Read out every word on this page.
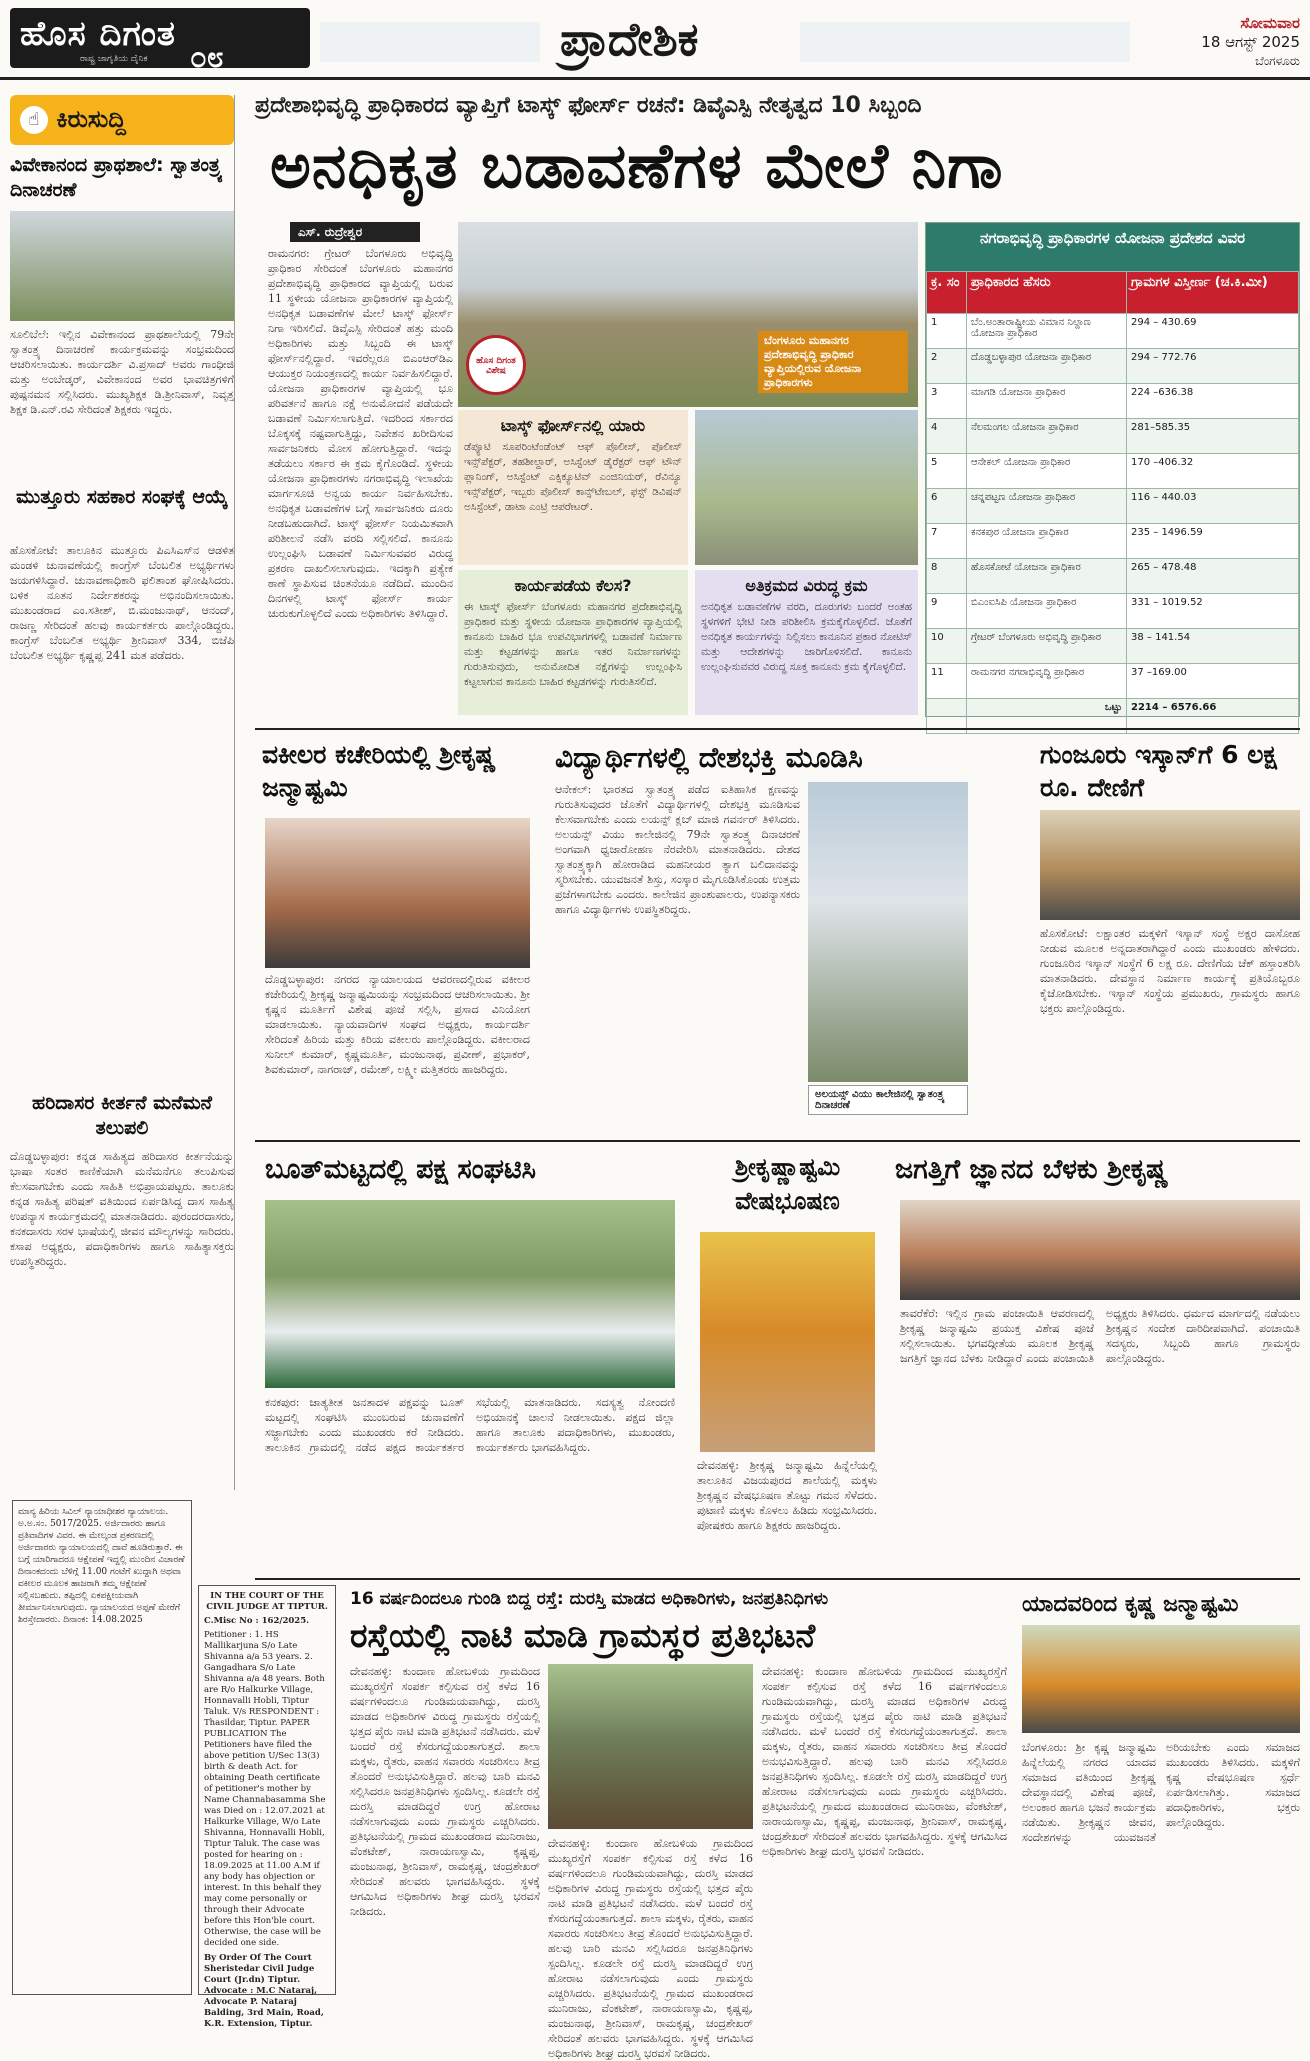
ಹೊಸ ದಿಗಂತ
ರಾಷ್ಟ್ರ ಜಾಗೃತಿಯ ದೈನಿಕ	೦೮	ಪ್ರಾದೇಶಿಕ	ಸೋಮವಾರ
18 ಆಗಸ್ಟ್ 2025
ಬೆಂಗಳೂರು
☝ ಕಿರುಸುದ್ದಿ
ವಿವೇಕಾನಂದ ಪ್ರಾಥಶಾಲೆ: ಸ್ವಾತಂತ್ರ್ಯ ದಿನಾಚರಣೆ
ಸೂಲಿಬೆಲೆ: ಇಲ್ಲಿನ ವಿವೇಕಾನಂದ ಪ್ರಾಥಶಾಲೆಯಲ್ಲಿ 79ನೇ ಸ್ವಾತಂತ್ರ್ಯ ದಿನಾಚರಣೆ ಕಾರ್ಯಕ್ರಮವನ್ನು ಸಂಭ್ರಮದಿಂದ ಆಚರಿಸಲಾಯಿತು. ಕಾರ್ಯದರ್ಶಿ ವಿ.ಪ್ರಸಾದ್ ಅವರು ಗಾಂಧೀಜಿ ಮತ್ತು ಅಂಬೇಡ್ಕರ್, ವಿವೇಕಾನಂದ ಅವರ ಭಾವಚಿತ್ರಗಳಿಗೆ ಪುಷ್ಪನಮನ ಸಲ್ಲಿಸಿದರು. ಮುಖ್ಯಶಿಕ್ಷಕ ಡಿ.ಶ್ರೀನಿವಾಸ್, ನಿವೃತ್ತ ಶಿಕ್ಷಕ ಡಿ.ಎನ್.ರವಿ ಸೇರಿದಂತೆ ಶಿಕ್ಷಕರು ಇದ್ದರು.
ಮುತ್ತೂರು ಸಹಕಾರ ಸಂಘಕ್ಕೆ ಆಯ್ಕೆ
ಹೊಸಕೋಟೆ: ತಾಲೂಕಿನ ಮುತ್ತೂರು ಪಿಎಸಿಎಸ್‌ನ ಆಡಳಿತ ಮಂಡಳಿ ಚುನಾವಣೆಯಲ್ಲಿ ಕಾಂಗ್ರೆಸ್ ಬೆಂಬಲಿತ ಅಭ್ಯರ್ಥಿಗಳು ಜಯಗಳಿಸಿದ್ದಾರೆ. ಚುನಾವಣಾಧಿಕಾರಿ ಫಲಿತಾಂಶ ಘೋಷಿಸಿದರು. ಬಳಿಕ ನೂತನ ನಿರ್ದೇಶಕರನ್ನು ಅಭಿನಂದಿಸಲಾಯಿತು. ಮುಖಂಡರಾದ ಎಂ.ಸತೀಶ್, ಬಿ.ಮಂಜುನಾಥ್, ಆನಂದ್, ರಾಜಣ್ಣ ಸೇರಿದಂತೆ ಹಲವು ಕಾರ್ಯಕರ್ತರು ಪಾಲ್ಗೊಂಡಿದ್ದರು. ಕಾಂಗ್ರೆಸ್ ಬೆಂಬಲಿತ ಅಭ್ಯರ್ಥಿ ಶ್ರೀನಿವಾಸ್ 334, ಬಿಜೆಪಿ ಬೆಂಬಲಿತ ಅಭ್ಯರ್ಥಿ ಕೃಷ್ಣಪ್ಪ 241 ಮತ ಪಡೆದರು.
ಹರಿದಾಸರ ಕೀರ್ತನೆ ಮನೆಮನೆ ತಲುಪಲಿ
ದೊಡ್ಡಬಳ್ಳಾಪುರ: ಕನ್ನಡ ಸಾಹಿತ್ಯದ ಹರಿದಾಸರ ಕೀರ್ತನೆಯನ್ನು ಭಾಷಾ ಸಂತರ ಕಾಣಿಕೆಯಾಗಿ ಮನೆಮನೆಗೂ ತಲುಪಿಸುವ ಕೆಲಸವಾಗಬೇಕು ಎಂದು ಸಾಹಿತಿ ಅಭಿಪ್ರಾಯಪಟ್ಟರು. ತಾಲೂಕು ಕನ್ನಡ ಸಾಹಿತ್ಯ ಪರಿಷತ್ ವತಿಯಿಂದ ಏರ್ಪಡಿಸಿದ್ದ ದಾಸ ಸಾಹಿತ್ಯ ಉಪನ್ಯಾಸ ಕಾರ್ಯಕ್ರಮದಲ್ಲಿ ಮಾತನಾಡಿದರು. ಪುರಂದರದಾಸರು, ಕನಕದಾಸರು ಸರಳ ಭಾಷೆಯಲ್ಲಿ ಜೀವನ ಮೌಲ್ಯಗಳನ್ನು ಸಾರಿದರು. ಕಸಾಪ ಅಧ್ಯಕ್ಷರು, ಪದಾಧಿಕಾರಿಗಳು ಹಾಗೂ ಸಾಹಿತ್ಯಾಸಕ್ತರು ಉಪಸ್ಥಿತರಿದ್ದರು.
ಪ್ರದೇಶಾಭಿವೃದ್ಧಿ ಪ್ರಾಧಿಕಾರದ ವ್ಯಾಪ್ತಿಗೆ ಟಾಸ್ಕ್ ಫೋರ್ಸ್ ರಚನೆ: ಡಿವೈಎಸ್ಪಿ ನೇತೃತ್ವದ 10 ಸಿಬ್ಬಂದಿ
ಅನಧಿಕೃತ ಬಡಾವಣೆಗಳ ಮೇಲೆ ನಿಗಾ
ಎಸ್. ರುದ್ರೇಶ್ವರ
ರಾಮನಗರ: ಗ್ರೇಟರ್ ಬೆಂಗಳೂರು ಅಭಿವೃದ್ಧಿ ಪ್ರಾಧಿಕಾರ ಸೇರಿದಂತೆ ಬೆಂಗಳೂರು ಮಹಾನಗರ ಪ್ರದೇಶಾಭಿವೃದ್ಧಿ ಪ್ರಾಧಿಕಾರದ ವ್ಯಾಪ್ತಿಯಲ್ಲಿ ಬರುವ 11 ಸ್ಥಳೀಯ ಯೋಜನಾ ಪ್ರಾಧಿಕಾರಗಳ ವ್ಯಾಪ್ತಿಯಲ್ಲಿ ಅನಧಿಕೃತ ಬಡಾವಣೆಗಳ ಮೇಲೆ ಟಾಸ್ಕ್ ಫೋರ್ಸ್ ನಿಗಾ ಇರಿಸಲಿದೆ. ಡಿವೈಎಸ್ಪಿ ಸೇರಿದಂತೆ ಹತ್ತು ಮಂದಿ ಅಧಿಕಾರಿಗಳು ಮತ್ತು ಸಿಬ್ಬಂದಿ ಈ ಟಾಸ್ಕ್ ಫೋರ್ಸ್‌ನಲ್ಲಿದ್ದಾರೆ. ಇವರೆಲ್ಲರೂ ಬಿಎಂಆರ್‌ಡಿಎ ಆಯುಕ್ತರ ನಿಯಂತ್ರಣದಲ್ಲಿ ಕಾರ್ಯ ನಿರ್ವಹಿಸಲಿದ್ದಾರೆ. ಯೋಜನಾ ಪ್ರಾಧಿಕಾರಗಳ ವ್ಯಾಪ್ತಿಯಲ್ಲಿ ಭೂ ಪರಿವರ್ತನೆ ಹಾಗೂ ನಕ್ಷೆ ಅನುಮೋದನೆ ಪಡೆಯದೇ ಬಡಾವಣೆ ನಿರ್ಮಿಸಲಾಗುತ್ತಿದೆ. ಇದರಿಂದ ಸರ್ಕಾರದ ಬೊಕ್ಕಸಕ್ಕೆ ನಷ್ಟವಾಗುತ್ತಿದ್ದು, ನಿವೇಶನ ಖರೀದಿಸುವ ಸಾರ್ವಜನಿಕರು ಮೋಸ ಹೋಗುತ್ತಿದ್ದಾರೆ. ಇದನ್ನು ತಡೆಯಲು ಸರ್ಕಾರ ಈ ಕ್ರಮ ಕೈಗೊಂಡಿದೆ. ಸ್ಥಳೀಯ ಯೋಜನಾ ಪ್ರಾಧಿಕಾರಗಳು ನಗರಾಭಿವೃದ್ಧಿ ಇಲಾಖೆಯ ಮಾರ್ಗಸೂಚಿ ಅನ್ವಯ ಕಾರ್ಯ ನಿರ್ವಹಿಸಬೇಕು. ಅನಧಿಕೃತ ಬಡಾವಣೆಗಳ ಬಗ್ಗೆ ಸಾರ್ವಜನಿಕರು ದೂರು ನೀಡಬಹುದಾಗಿದೆ. ಟಾಸ್ಕ್ ಫೋರ್ಸ್ ನಿಯಮಿತವಾಗಿ ಪರಿಶೀಲನೆ ನಡೆಸಿ ವರದಿ ಸಲ್ಲಿಸಲಿದೆ. ಕಾನೂನು ಉಲ್ಲಂಘಿಸಿ ಬಡಾವಣೆ ನಿರ್ಮಿಸುವವರ ವಿರುದ್ಧ ಪ್ರಕರಣ ದಾಖಲಿಸಲಾಗುವುದು. ಇದಕ್ಕಾಗಿ ಪ್ರತ್ಯೇಕ ಠಾಣೆ ಸ್ಥಾಪಿಸುವ ಚಿಂತನೆಯೂ ನಡೆದಿದೆ. ಮುಂದಿನ ದಿನಗಳಲ್ಲಿ ಟಾಸ್ಕ್ ಫೋರ್ಸ್ ಕಾರ್ಯ ಚುರುಕುಗೊಳ್ಳಲಿದೆ ಎಂದು ಅಧಿಕಾರಿಗಳು ತಿಳಿಸಿದ್ದಾರೆ.
ಬೆಂಗಳೂರು ಮಹಾನಗರ ಪ್ರದೇಶಾಭಿವೃದ್ಧಿ ಪ್ರಾಧಿಕಾರ ವ್ಯಾಪ್ತಿಯಲ್ಲಿರುವ ಯೋಜನಾ ಪ್ರಾಧಿಕಾರಗಳು
ಹೊಸ ದಿಗಂತ ವಿಶೇಷ
ಟಾಸ್ಕ್ ಫೋರ್ಸ್‌ನಲ್ಲಿ ಯಾರು
ಡೆಪ್ಯೂಟಿ ಸೂಪರಿಂಟೆಂಡೆಂಟ್ ಆಫ್ ಪೊಲೀಸ್, ಪೊಲೀಸ್ ಇನ್ಸ್‌ಪೆಕ್ಟರ್, ತಹಶೀಲ್ದಾರ್, ಅಸಿಸ್ಟೆಂಟ್ ಡೈರೆಕ್ಟರ್ ಆಫ್ ಟೌನ್ ಪ್ಲಾನಿಂಗ್, ಅಸಿಸ್ಟೆಂಟ್ ಎಕ್ಸಿಕ್ಯೂಟಿವ್ ಎಂಜಿನಿಯರ್, ರೆವಿನ್ಯೂ ಇನ್ಸ್‌ಪೆಕ್ಟರ್, ಇಬ್ಬರು ಪೊಲೀಸ್ ಕಾನ್ಸ್‌ಟೇಬಲ್, ಫಸ್ಟ್ ಡಿವಿಷನ್ ಅಸಿಸ್ಟೆಂಟ್, ಡಾಟಾ ಎಂಟ್ರಿ ಆಪರೇಟರ್.
ಕಾರ್ಯಪಡೆಯ ಕೆಲಸ?
ಈ ಟಾಸ್ಕ್ ಫೋರ್ಸ್ ಬೆಂಗಳೂರು ಮಹಾನಗರ ಪ್ರದೇಶಾಭಿವೃದ್ಧಿ ಪ್ರಾಧಿಕಾರ ಮತ್ತು ಸ್ಥಳೀಯ ಯೋಜನಾ ಪ್ರಾಧಿಕಾರಗಳ ವ್ಯಾಪ್ತಿಯಲ್ಲಿ ಕಾನೂನು ಬಾಹಿರ ಭೂ ಉಪವಿಭಾಗಗಳಲ್ಲಿ ಬಡಾವಣೆ ನಿರ್ಮಾಣ ಮತ್ತು ಕಟ್ಟಡಗಳನ್ನು ಹಾಗೂ ಇತರ ನಿರ್ಮಾಣಗಳನ್ನು ಗುರುತಿಸುವುದು, ಅನುಮೋದಿತ ನಕ್ಷೆಗಳನ್ನು ಉಲ್ಲಂಘಿಸಿ ಕಟ್ಟಲಾಗುವ ಕಾನೂನು ಬಾಹಿರ ಕಟ್ಟಡಗಳನ್ನು ಗುರುತಿಸಲಿದೆ.
ಅತಿಕ್ರಮದ ವಿರುದ್ಧ ಕ್ರಮ
ಅನಧಿಕೃತ ಬಡಾವಣೆಗಳ ವರದಿ, ದೂರುಗಳು ಬಂದರೆ ಅಂತಹ ಸ್ಥಳಗಳಿಗೆ ಭೇಟಿ ನೀಡಿ ಪರಿಶೀಲಿಸಿ ಕ್ರಮಕೈಗೊಳ್ಳಲಿದೆ. ಜೊತೆಗೆ ಅನಧಿಕೃತ ಕಾರ್ಯಗಳನ್ನು ನಿಲ್ಲಿಸಲು ಕಾನೂನಿನ ಪ್ರಕಾರ ನೋಟಿಸ್ ಮತ್ತು ಆದೇಶಗಳನ್ನು ಜಾರಿಗೊಳಿಸಲಿದೆ. ಕಾನೂನು ಉಲ್ಲಂಘಿಸುವವರ ವಿರುದ್ಧ ಸೂಕ್ತ ಕಾನೂನು ಕ್ರಮ ಕೈಗೊಳ್ಳಲಿದೆ.
ನಗರಾಭಿವೃದ್ಧಿ ಪ್ರಾಧಿಕಾರಗಳ ಯೋಜನಾ ಪ್ರದೇಶದ ವಿವರ
ಕ್ರ. ಸಂ	ಪ್ರಾಧಿಕಾರದ ಹೆಸರು	ಗ್ರಾಮಗಳ ವಿಸ್ತೀರ್ಣ (ಚ.ಕಿ.ಮೀ)
1	ಬೆಂ.ಅಂತಾರಾಷ್ಟ್ರೀಯ ವಿಮಾನ ನಿಲ್ದಾಣ ಯೋಜನಾ ಪ್ರಾಧಿಕಾರ	294 – 430.69
2	ದೊಡ್ಡಬಳ್ಳಾಪುರ ಯೋಜನಾ ಪ್ರಾಧಿಕಾರ	294 – 772.76
3	ಮಾಗಡಿ ಯೋಜನಾ ಪ್ರಾಧಿಕಾರ	224 –636.38
4	ನೆಲಮಂಗಲ ಯೋಜನಾ ಪ್ರಾಧಿಕಾರ	281–585.35
5	ಆನೇಕಲ್ ಯೋಜನಾ ಪ್ರಾಧಿಕಾರ	170 –406.32
6	ಚನ್ನಪಟ್ಟಣ ಯೋಜನಾ ಪ್ರಾಧಿಕಾರ	116 – 440.03
7	ಕನಕಪುರ ಯೋಜನಾ ಪ್ರಾಧಿಕಾರ	235 – 1496.59
8	ಹೊಸಕೋಟೆ ಯೋಜನಾ ಪ್ರಾಧಿಕಾರ	265 – 478.48
9	ಬಿಎಂಐಸಿಪಿ ಯೋಜನಾ ಪ್ರಾಧಿಕಾರ	331 – 1019.52
10	ಗ್ರೇಟರ್ ಬೆಂಗಳೂರು ಅಭಿವೃದ್ಧಿ ಪ್ರಾಧಿಕಾರ	38 – 141.54
11	ರಾಮನಗರ ನಗರಾಭಿವೃದ್ಧಿ ಪ್ರಾಧಿಕಾರ	37 –169.00
	ಒಟ್ಟು	2214 – 6576.66
ವಕೀಲರ ಕಚೇರಿಯಲ್ಲಿ ಶ್ರೀಕೃಷ್ಣ ಜನ್ಮಾಷ್ಟಮಿ
ದೊಡ್ಡಬಳ್ಳಾಪುರ: ನಗರದ ನ್ಯಾಯಾಲಯದ ಆವರಣದಲ್ಲಿರುವ ವಕೀಲರ ಕಚೇರಿಯಲ್ಲಿ ಶ್ರೀಕೃಷ್ಣ ಜನ್ಮಾಷ್ಟಮಿಯನ್ನು ಸಂಭ್ರಮದಿಂದ ಆಚರಿಸಲಾಯಿತು. ಶ್ರೀ ಕೃಷ್ಣನ ಮೂರ್ತಿಗೆ ವಿಶೇಷ ಪೂಜೆ ಸಲ್ಲಿಸಿ, ಪ್ರಸಾದ ವಿನಿಯೋಗ ಮಾಡಲಾಯಿತು. ನ್ಯಾಯವಾದಿಗಳ ಸಂಘದ ಅಧ್ಯಕ್ಷರು, ಕಾರ್ಯದರ್ಶಿ ಸೇರಿದಂತೆ ಹಿರಿಯ ಮತ್ತು ಕಿರಿಯ ವಕೀಲರು ಪಾಲ್ಗೊಂಡಿದ್ದರು. ವಕೀಲರಾದ ಸುನೀಲ್ ಕುಮಾರ್, ಕೃಷ್ಣಮೂರ್ತಿ, ಮಂಜುನಾಥ, ಪ್ರವೀಣ್, ಪ್ರಭಾಕರ್, ಶಿವಕುಮಾರ್, ನಾಗರಾಜ್, ರಮೇಶ್, ಲಕ್ಷ್ಮೀ ಮತ್ತಿತರರು ಹಾಜರಿದ್ದರು.
ವಿದ್ಯಾರ್ಥಿಗಳಲ್ಲಿ ದೇಶಭಕ್ತಿ ಮೂಡಿಸಿ
ಆನೇಕಲ್: ಭಾರತದ ಸ್ವಾತಂತ್ರ್ಯ ಪಡೆದ ಐತಿಹಾಸಿಕ ಕ್ಷಣವನ್ನು ಗುರುತಿಸುವುದರ ಜೊತೆಗೆ ವಿದ್ಯಾರ್ಥಿಗಳಲ್ಲಿ ದೇಶಭಕ್ತಿ ಮೂಡಿಸುವ ಕೆಲಸವಾಗಬೇಕು ಎಂದು ಲಯನ್ಸ್ ಕ್ಲಬ್ ಮಾಜಿ ಗವರ್ನರ್ ತಿಳಿಸಿದರು. ಅಲಯನ್ಸ್ ವಿಯು ಕಾಲೇಜಿನಲ್ಲಿ 79ನೇ ಸ್ವಾತಂತ್ರ್ಯ ದಿನಾಚರಣೆ ಅಂಗವಾಗಿ ಧ್ವಜಾರೋಹಣ ನೆರವೇರಿಸಿ ಮಾತನಾಡಿದರು. ದೇಶದ ಸ್ವಾತಂತ್ರ್ಯಕ್ಕಾಗಿ ಹೋರಾಡಿದ ಮಹನೀಯರ ತ್ಯಾಗ ಬಲಿದಾನವನ್ನು ಸ್ಮರಿಸಬೇಕು. ಯುವಜನತೆ ಶಿಸ್ತು, ಸಂಸ್ಕಾರ ಮೈಗೂಡಿಸಿಕೊಂಡು ಉತ್ತಮ ಪ್ರಜೆಗಳಾಗಬೇಕು ಎಂದರು. ಕಾಲೇಜಿನ ಪ್ರಾಂಶುಪಾಲರು, ಉಪನ್ಯಾಸಕರು ಹಾಗೂ ವಿದ್ಯಾರ್ಥಿಗಳು ಉಪಸ್ಥಿತರಿದ್ದರು.
ಅಲಯನ್ಸ್ ವಿಯು ಕಾಲೇಜಿನಲ್ಲಿ ಸ್ವಾತಂತ್ರ್ಯ ದಿನಾಚರಣೆ
ಗುಂಜೂರು ಇಸ್ಕಾನ್‌ಗೆ 6 ಲಕ್ಷ ರೂ. ದೇಣಿಗೆ
ಹೊಸಕೋಟೆ: ಲಕ್ಷಾಂತರ ಮಕ್ಕಳಿಗೆ ಇಸ್ಕಾನ್ ಸಂಸ್ಥೆ ಅಕ್ಷರ ದಾಸೋಹ ನೀಡುವ ಮೂಲಕ ಅನ್ನದಾತರಾಗಿದ್ದಾರೆ ಎಂದು ಮುಖಂಡರು ಹೇಳಿದರು. ಗುಂಜೂರಿನ ಇಸ್ಕಾನ್ ಸಂಸ್ಥೆಗೆ 6 ಲಕ್ಷ ರೂ. ದೇಣಿಗೆಯ ಚೆಕ್ ಹಸ್ತಾಂತರಿಸಿ ಮಾತನಾಡಿದರು. ದೇವಸ್ಥಾನ ನಿರ್ಮಾಣ ಕಾರ್ಯಕ್ಕೆ ಪ್ರತಿಯೊಬ್ಬರೂ ಕೈಜೋಡಿಸಬೇಕು. ಇಸ್ಕಾನ್ ಸಂಸ್ಥೆಯ ಪ್ರಮುಖರು, ಗ್ರಾಮಸ್ಥರು ಹಾಗೂ ಭಕ್ತರು ಪಾಲ್ಗೊಂಡಿದ್ದರು.
ಬೂತ್‌ಮಟ್ಟದಲ್ಲಿ ಪಕ್ಷ ಸಂಘಟಿಸಿ
ಕನಕಪುರ: ಜಾತ್ಯತೀತ ಜನತಾದಳ ಪಕ್ಷವನ್ನು ಬೂತ್ ಮಟ್ಟದಲ್ಲಿ ಸಂಘಟಿಸಿ ಮುಂಬರುವ ಚುನಾವಣೆಗೆ ಸಜ್ಜಾಗಬೇಕು ಎಂದು ಮುಖಂಡರು ಕರೆ ನೀಡಿದರು. ತಾಲೂಕಿನ ಗ್ರಾಮದಲ್ಲಿ ನಡೆದ ಪಕ್ಷದ ಕಾರ್ಯಕರ್ತರ ಸಭೆಯಲ್ಲಿ ಮಾತನಾಡಿದರು. ಸದಸ್ಯತ್ವ ನೋಂದಣಿ ಅಭಿಯಾನಕ್ಕೆ ಚಾಲನೆ ನೀಡಲಾಯಿತು. ಪಕ್ಷದ ಜಿಲ್ಲಾ ಹಾಗೂ ತಾಲೂಕು ಪದಾಧಿಕಾರಿಗಳು, ಮುಖಂಡರು, ಕಾರ್ಯಕರ್ತರು ಭಾಗವಹಿಸಿದ್ದರು.
ಶ್ರೀಕೃಷ್ಣಾಷ್ಟಮಿ ವೇಷಭೂಷಣ
ದೇವನಹಳ್ಳಿ: ಶ್ರೀಕೃಷ್ಣ ಜನ್ಮಾಷ್ಟಮಿ ಹಿನ್ನೆಲೆಯಲ್ಲಿ ತಾಲೂಕಿನ ವಿಜಯಪುರದ ಶಾಲೆಯಲ್ಲಿ ಮಕ್ಕಳು ಶ್ರೀಕೃಷ್ಣನ ವೇಷಭೂಷಣ ತೊಟ್ಟು ಗಮನ ಸೆಳೆದರು. ಪುಟಾಣಿ ಮಕ್ಕಳು ಕೊಳಲು ಹಿಡಿದು ಸಂಭ್ರಮಿಸಿದರು. ಪೋಷಕರು ಹಾಗೂ ಶಿಕ್ಷಕರು ಹಾಜರಿದ್ದರು.
ಜಗತ್ತಿಗೆ ಜ್ಞಾನದ ಬೆಳಕು ಶ್ರೀಕೃಷ್ಣ
ತಾವರೆಕೆರೆ: ಇಲ್ಲಿನ ಗ್ರಾಮ ಪಂಚಾಯಿತಿ ಆವರಣದಲ್ಲಿ ಶ್ರೀಕೃಷ್ಣ ಜನ್ಮಾಷ್ಟಮಿ ಪ್ರಯುಕ್ತ ವಿಶೇಷ ಪೂಜೆ ಸಲ್ಲಿಸಲಾಯಿತು. ಭಗವದ್ಗೀತೆಯ ಮೂಲಕ ಶ್ರೀಕೃಷ್ಣ ಜಗತ್ತಿಗೆ ಜ್ಞಾನದ ಬೆಳಕು ನೀಡಿದ್ದಾರೆ ಎಂದು ಪಂಚಾಯಿತಿ ಅಧ್ಯಕ್ಷರು ತಿಳಿಸಿದರು. ಧರ್ಮದ ಮಾರ್ಗದಲ್ಲಿ ನಡೆಯಲು ಶ್ರೀಕೃಷ್ಣನ ಸಂದೇಶ ದಾರಿದೀಪವಾಗಿದೆ. ಪಂಚಾಯಿತಿ ಸದಸ್ಯರು, ಸಿಬ್ಬಂದಿ ಹಾಗೂ ಗ್ರಾಮಸ್ಥರು ಪಾಲ್ಗೊಂಡಿದ್ದರು.
ಮಾನ್ಯ ಹಿರಿಯ ಸಿವಿಲ್ ನ್ಯಾಯಾಧೀಶರ ನ್ಯಾಯಾಲಯ. ಅ.ಅ.ಸಂ. 5017/2025. ಅರ್ಜಿದಾರರು ಹಾಗೂ ಪ್ರತಿವಾದಿಗಳ ವಿವರ. ಈ ಮೇಲ್ಕಂಡ ಪ್ರಕರಣದಲ್ಲಿ ಅರ್ಜಿದಾರರು ನ್ಯಾಯಾಲಯದಲ್ಲಿ ದಾವೆ ಹೂಡಿರುತ್ತಾರೆ. ಈ ಬಗ್ಗೆ ಯಾರಿಗಾದರೂ ಆಕ್ಷೇಪಣೆ ಇದ್ದಲ್ಲಿ ಮುಂದಿನ ವಿಚಾರಣೆ ದಿನಾಂಕದಂದು ಬೆಳಿಗ್ಗೆ 11.00 ಗಂಟೆಗೆ ಖುದ್ದಾಗಿ ಅಥವಾ ವಕೀಲರ ಮೂಲಕ ಹಾಜರಾಗಿ ತಮ್ಮ ಆಕ್ಷೇಪಣೆ ಸಲ್ಲಿಸಬಹುದು. ತಪ್ಪಿದಲ್ಲಿ ಏಕಪಕ್ಷೀಯವಾಗಿ ತೀರ್ಮಾನಿಸಲಾಗುವುದು. ನ್ಯಾಯಾಲಯದ ಅಪ್ಪಣೆ ಮೇರೆಗೆ ಶಿರಸ್ತೇದಾರರು. ದಿನಾಂಕ: 14.08.2025
IN THE COURT OF THE CIVIL JUDGE AT TIPTUR.
C.Misc No : 162/2025.
Petitioner : 1. HS Mallikarjuna S/o Late Shivanna a/a 53 years. 2. Gangadhara S/o Late Shivanna a/a 48 years. Both are R/o Halkurke Village, Honnavalli Hobli, Tiptur Taluk. V/s RESPONDENT : Thasildar, Tiptur. PAPER PUBLICATION The Petitioners have filed the above petition U/Sec 13(3) birth & death Act. for obtaining Death certificate of petitioner's mother by Name Channabasamma She was Died on : 12.07.2021 at Halkurke Village, W/o Late Shivanna, Honnavalli Hobli, Tiptur Taluk. The case was posted for hearing on : 18.09.2025 at 11.00 A.M if any body has objection or interest. In this behalf they may come personally or through their Advocate before this Hon'ble court. Otherwise, the case will be decided one side.
By Order Of The Court Sheristedar Civil Judge Court (Jr.dn) Tiptur. Advocate : M.C Nataraj, Advocate P. Nataraj Balding, 3rd Main, Road, K.R. Extension, Tiptur.
16 ವರ್ಷದಿಂದಲೂ ಗುಂಡಿ ಬಿದ್ದ ರಸ್ತೆ: ದುರಸ್ತಿ ಮಾಡದ ಅಧಿಕಾರಿಗಳು, ಜನಪ್ರತಿನಿಧಿಗಳು
ರಸ್ತೆಯಲ್ಲಿ ನಾಟಿ ಮಾಡಿ ಗ್ರಾಮಸ್ಥರ ಪ್ರತಿಭಟನೆ
ದೇವನಹಳ್ಳಿ: ಕುಂದಾಣ ಹೋಬಳಿಯ ಗ್ರಾಮದಿಂದ ಮುಖ್ಯರಸ್ತೆಗೆ ಸಂಪರ್ಕ ಕಲ್ಪಿಸುವ ರಸ್ತೆ ಕಳೆದ 16 ವರ್ಷಗಳಿಂದಲೂ ಗುಂಡಿಮಯವಾಗಿದ್ದು, ದುರಸ್ತಿ ಮಾಡದ ಅಧಿಕಾರಿಗಳ ವಿರುದ್ಧ ಗ್ರಾಮಸ್ಥರು ರಸ್ತೆಯಲ್ಲಿ ಭತ್ತದ ಪೈರು ನಾಟಿ ಮಾಡಿ ಪ್ರತಿಭಟನೆ ನಡೆಸಿದರು. ಮಳೆ ಬಂದರೆ ರಸ್ತೆ ಕೆಸರುಗದ್ದೆಯಂತಾಗುತ್ತದೆ. ಶಾಲಾ ಮಕ್ಕಳು, ರೈತರು, ವಾಹನ ಸವಾರರು ಸಂಚರಿಸಲು ತೀವ್ರ ತೊಂದರೆ ಅನುಭವಿಸುತ್ತಿದ್ದಾರೆ. ಹಲವು ಬಾರಿ ಮನವಿ ಸಲ್ಲಿಸಿದರೂ ಜನಪ್ರತಿನಿಧಿಗಳು ಸ್ಪಂದಿಸಿಲ್ಲ. ಕೂಡಲೇ ರಸ್ತೆ ದುರಸ್ತಿ ಮಾಡದಿದ್ದರೆ ಉಗ್ರ ಹೋರಾಟ ನಡೆಸಲಾಗುವುದು ಎಂದು ಗ್ರಾಮಸ್ಥರು ಎಚ್ಚರಿಸಿದರು. ಪ್ರತಿಭಟನೆಯಲ್ಲಿ ಗ್ರಾಮದ ಮುಖಂಡರಾದ ಮುನಿರಾಜು, ವೆಂಕಟೇಶ್, ನಾರಾಯಣಸ್ವಾಮಿ, ಕೃಷ್ಣಪ್ಪ, ಮಂಜುನಾಥ, ಶ್ರೀನಿವಾಸ್, ರಾಮಕೃಷ್ಣ, ಚಂದ್ರಶೇಖರ್ ಸೇರಿದಂತೆ ಹಲವರು ಭಾಗವಹಿಸಿದ್ದರು. ಸ್ಥಳಕ್ಕೆ ಆಗಮಿಸಿದ ಅಧಿಕಾರಿಗಳು ಶೀಘ್ರ ದುರಸ್ತಿ ಭರವಸೆ ನೀಡಿದರು.
ದೇವನಹಳ್ಳಿ: ಕುಂದಾಣ ಹೋಬಳಿಯ ಗ್ರಾಮದಿಂದ ಮುಖ್ಯರಸ್ತೆಗೆ ಸಂಪರ್ಕ ಕಲ್ಪಿಸುವ ರಸ್ತೆ ಕಳೆದ 16 ವರ್ಷಗಳಿಂದಲೂ ಗುಂಡಿಮಯವಾಗಿದ್ದು, ದುರಸ್ತಿ ಮಾಡದ ಅಧಿಕಾರಿಗಳ ವಿರುದ್ಧ ಗ್ರಾಮಸ್ಥರು ರಸ್ತೆಯಲ್ಲಿ ಭತ್ತದ ಪೈರು ನಾಟಿ ಮಾಡಿ ಪ್ರತಿಭಟನೆ ನಡೆಸಿದರು. ಮಳೆ ಬಂದರೆ ರಸ್ತೆ ಕೆಸರುಗದ್ದೆಯಂತಾಗುತ್ತದೆ. ಶಾಲಾ ಮಕ್ಕಳು, ರೈತರು, ವಾಹನ ಸವಾರರು ಸಂಚರಿಸಲು ತೀವ್ರ ತೊಂದರೆ ಅನುಭವಿಸುತ್ತಿದ್ದಾರೆ. ಹಲವು ಬಾರಿ ಮನವಿ ಸಲ್ಲಿಸಿದರೂ ಜನಪ್ರತಿನಿಧಿಗಳು ಸ್ಪಂದಿಸಿಲ್ಲ. ಕೂಡಲೇ ರಸ್ತೆ ದುರಸ್ತಿ ಮಾಡದಿದ್ದರೆ ಉಗ್ರ ಹೋರಾಟ ನಡೆಸಲಾಗುವುದು ಎಂದು ಗ್ರಾಮಸ್ಥರು ಎಚ್ಚರಿಸಿದರು. ಪ್ರತಿಭಟನೆಯಲ್ಲಿ ಗ್ರಾಮದ ಮುಖಂಡರಾದ ಮುನಿರಾಜು, ವೆಂಕಟೇಶ್, ನಾರಾಯಣಸ್ವಾಮಿ, ಕೃಷ್ಣಪ್ಪ, ಮಂಜುನಾಥ, ಶ್ರೀನಿವಾಸ್, ರಾಮಕೃಷ್ಣ, ಚಂದ್ರಶೇಖರ್ ಸೇರಿದಂತೆ ಹಲವರು ಭಾಗವಹಿಸಿದ್ದರು. ಸ್ಥಳಕ್ಕೆ ಆಗಮಿಸಿದ ಅಧಿಕಾರಿಗಳು ಶೀಘ್ರ ದುರಸ್ತಿ ಭರವಸೆ ನೀಡಿದರು.
ದೇವನಹಳ್ಳಿ: ಕುಂದಾಣ ಹೋಬಳಿಯ ಗ್ರಾಮದಿಂದ ಮುಖ್ಯರಸ್ತೆಗೆ ಸಂಪರ್ಕ ಕಲ್ಪಿಸುವ ರಸ್ತೆ ಕಳೆದ 16 ವರ್ಷಗಳಿಂದಲೂ ಗುಂಡಿಮಯವಾಗಿದ್ದು, ದುರಸ್ತಿ ಮಾಡದ ಅಧಿಕಾರಿಗಳ ವಿರುದ್ಧ ಗ್ರಾಮಸ್ಥರು ರಸ್ತೆಯಲ್ಲಿ ಭತ್ತದ ಪೈರು ನಾಟಿ ಮಾಡಿ ಪ್ರತಿಭಟನೆ ನಡೆಸಿದರು. ಮಳೆ ಬಂದರೆ ರಸ್ತೆ ಕೆಸರುಗದ್ದೆಯಂತಾಗುತ್ತದೆ. ಶಾಲಾ ಮಕ್ಕಳು, ರೈತರು, ವಾಹನ ಸವಾರರು ಸಂಚರಿಸಲು ತೀವ್ರ ತೊಂದರೆ ಅನುಭವಿಸುತ್ತಿದ್ದಾರೆ. ಹಲವು ಬಾರಿ ಮನವಿ ಸಲ್ಲಿಸಿದರೂ ಜನಪ್ರತಿನಿಧಿಗಳು ಸ್ಪಂದಿಸಿಲ್ಲ. ಕೂಡಲೇ ರಸ್ತೆ ದುರಸ್ತಿ ಮಾಡದಿದ್ದರೆ ಉಗ್ರ ಹೋರಾಟ ನಡೆಸಲಾಗುವುದು ಎಂದು ಗ್ರಾಮಸ್ಥರು ಎಚ್ಚರಿಸಿದರು. ಪ್ರತಿಭಟನೆಯಲ್ಲಿ ಗ್ರಾಮದ ಮುಖಂಡರಾದ ಮುನಿರಾಜು, ವೆಂಕಟೇಶ್, ನಾರಾಯಣಸ್ವಾಮಿ, ಕೃಷ್ಣಪ್ಪ, ಮಂಜುನಾಥ, ಶ್ರೀನಿವಾಸ್, ರಾಮಕೃಷ್ಣ, ಚಂದ್ರಶೇಖರ್ ಸೇರಿದಂತೆ ಹಲವರು ಭಾಗವಹಿಸಿದ್ದರು. ಸ್ಥಳಕ್ಕೆ ಆಗಮಿಸಿದ ಅಧಿಕಾರಿಗಳು ಶೀಘ್ರ ದುರಸ್ತಿ ಭರವಸೆ ನೀಡಿದರು.
ಯಾದವರಿಂದ ಕೃಷ್ಣ ಜನ್ಮಾಷ್ಟಮಿ
ಬೆಂಗಳೂರು: ಶ್ರೀ ಕೃಷ್ಣ ಜನ್ಮಾಷ್ಟಮಿ ಹಿನ್ನೆಲೆಯಲ್ಲಿ ನಗರದ ಯಾದವ ಸಮಾಜದ ವತಿಯಿಂದ ಶ್ರೀಕೃಷ್ಣ ದೇವಸ್ಥಾನದಲ್ಲಿ ವಿಶೇಷ ಪೂಜೆ, ಅಲಂಕಾರ ಹಾಗೂ ಭಜನೆ ಕಾರ್ಯಕ್ರಮ ನಡೆಯಿತು. ಶ್ರೀಕೃಷ್ಣನ ಜೀವನ, ಸಂದೇಶಗಳನ್ನು ಯುವಜನತೆ ಅರಿಯಬೇಕು ಎಂದು ಸಮಾಜದ ಮುಖಂಡರು ತಿಳಿಸಿದರು. ಮಕ್ಕಳಿಗೆ ಕೃಷ್ಣ ವೇಷಭೂಷಣ ಸ್ಪರ್ಧೆ ಏರ್ಪಡಿಸಲಾಗಿತ್ತು. ಸಮಾಜದ ಪದಾಧಿಕಾರಿಗಳು, ಭಕ್ತರು ಪಾಲ್ಗೊಂಡಿದ್ದರು.
